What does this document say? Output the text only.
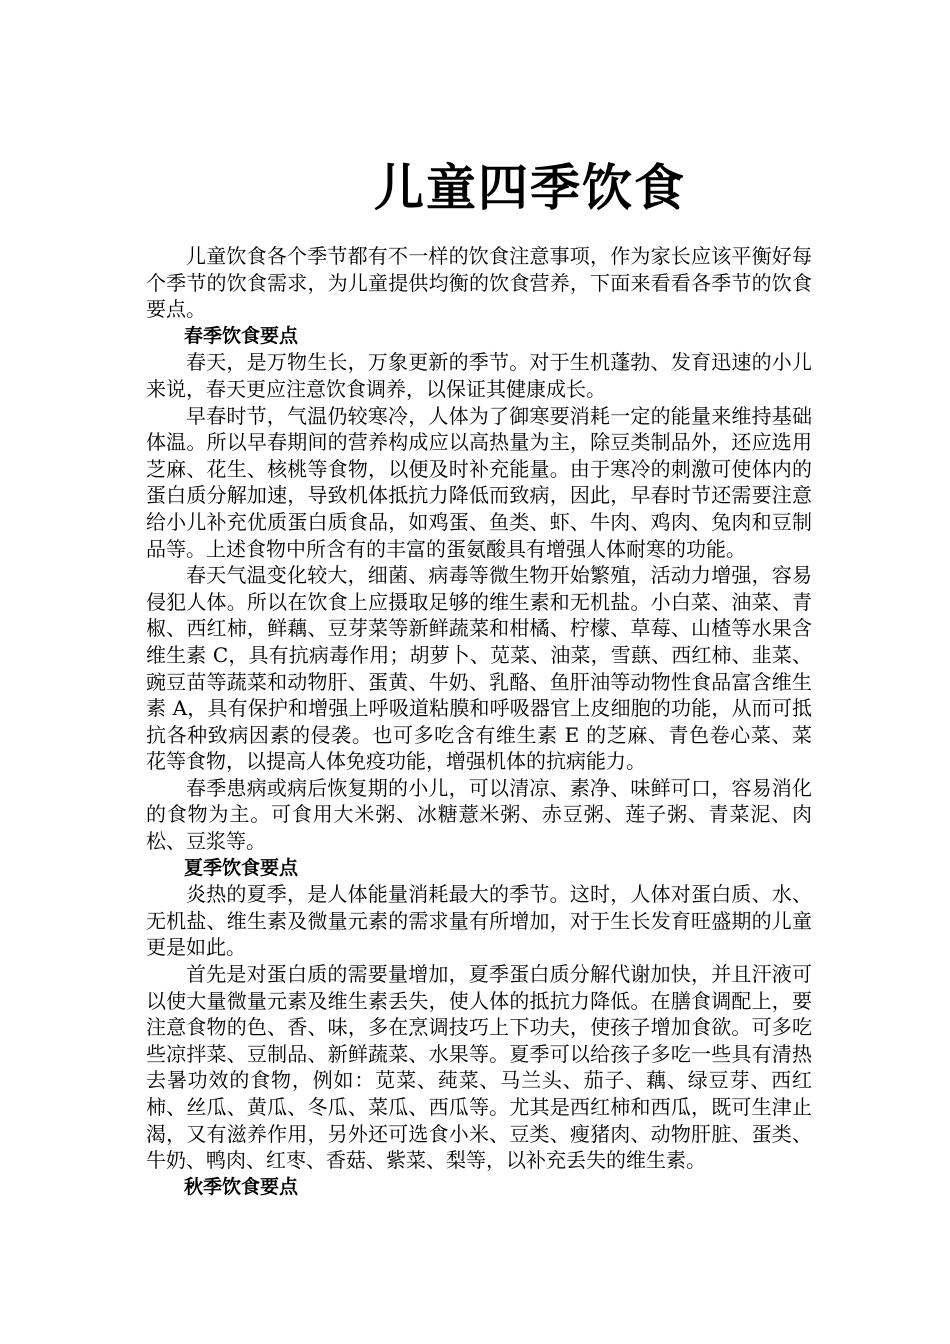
儿童四季饮食

儿童饮食各个季节都有不一样的饮食注意事项，作为家长应该平衡好每个季节的饮食需求，为儿童提供均衡的饮食营养，下面来看看各季节的饮食要点。

春季饮食要点

春天，是万物生长，万象更新的季节。对于生机蓬勃、发育迅速的小儿来说，春天更应注意饮食调养，以保证其健康成长。

早春时节，气温仍较寒冷，人体为了御寒要消耗一定的能量来维持基础体温。所以早春期间的营养构成应以高热量为主，除豆类制品外，还应选用芝麻、花生、核桃等食物，以便及时补充能量。由于寒冷的刺激可使体内的蛋白质分解加速，导致机体抵抗力降低而致病，因此，早春时节还需要注意给小儿补充优质蛋白质食品，如鸡蛋、鱼类、虾、牛肉、鸡肉、兔肉和豆制品等。上述食物中所含有的丰富的蛋氨酸具有增强人体耐寒的功能。

春天气温变化较大，细菌、病毒等微生物开始繁殖，活动力增强，容易侵犯人体。所以在饮食上应摄取足够的维生素和无机盐。小白菜、油菜、青椒、西红柿，鲜藕、豆芽菜等新鲜蔬菜和柑橘、柠檬、草莓、山楂等水果含维生素 C，具有抗病毒作用；胡萝卜、苋菜、油菜，雪蕻、西红柿、韭菜、豌豆苗等蔬菜和动物肝、蛋黄、牛奶、乳酪、鱼肝油等动物性食品富含维生素 A，具有保护和增强上呼吸道粘膜和呼吸器官上皮细胞的功能，从而可抵抗各种致病因素的侵袭。也可多吃含有维生素 E 的芝麻、青色卷心菜、菜花等食物，以提高人体免疫功能，增强机体的抗病能力。

春季患病或病后恢复期的小儿，可以清凉、素净、味鲜可口，容易消化的食物为主。可食用大米粥、冰糖薏米粥、赤豆粥、莲子粥、青菜泥、肉松、豆浆等。

夏季饮食要点

炎热的夏季，是人体能量消耗最大的季节。这时，人体对蛋白质、水、无机盐、维生素及微量元素的需求量有所增加，对于生长发育旺盛期的儿童更是如此。

首先是对蛋白质的需要量增加，夏季蛋白质分解代谢加快，并且汗液可以使大量微量元素及维生素丢失，使人体的抵抗力降低。在膳食调配上，要注意食物的色、香、味，多在烹调技巧上下功夫，使孩子增加食欲。可多吃些凉拌菜、豆制品、新鲜蔬菜、水果等。夏季可以给孩子多吃一些具有清热去暑功效的食物，例如：苋菜、莼菜、马兰头、茄子、藕、绿豆芽、西红柿、丝瓜、黄瓜、冬瓜、菜瓜、西瓜等。尤其是西红柿和西瓜，既可生津止渴，又有滋养作用，另外还可选食小米、豆类、瘦猪肉、动物肝脏、蛋类、牛奶、鸭肉、红枣、香菇、紫菜、梨等，以补充丢失的维生素。

秋季饮食要点
